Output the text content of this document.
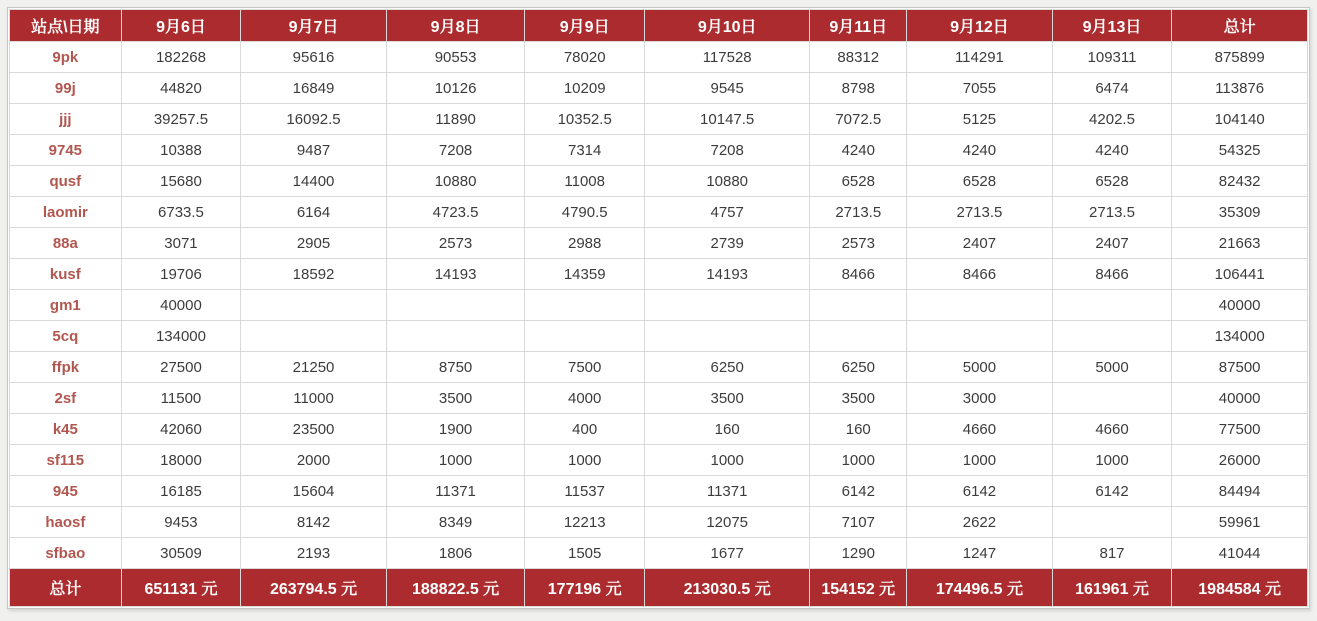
站点\日期	9月6日	9月7日	9月8日	9月9日	9月10日	9月11日	9月12日	9月13日	总计
9pk	182268	95616	90553	78020	117528	88312	114291	109311	875899
99j	44820	16849	10126	10209	9545	8798	7055	6474	113876
jjj	39257.5	16092.5	11890	10352.5	10147.5	7072.5	5125	4202.5	104140
9745	10388	9487	7208	7314	7208	4240	4240	4240	54325
qusf	15680	14400	10880	11008	10880	6528	6528	6528	82432
laomir	6733.5	6164	4723.5	4790.5	4757	2713.5	2713.5	2713.5	35309
88a	3071	2905	2573	2988	2739	2573	2407	2407	21663
kusf	19706	18592	14193	14359	14193	8466	8466	8466	106441
gm1	40000								40000
5cq	134000								134000
ffpk	27500	21250	8750	7500	6250	6250	5000	5000	87500
2sf	11500	11000	3500	4000	3500	3500	3000		40000
k45	42060	23500	1900	400	160	160	4660	4660	77500
sf115	18000	2000	1000	1000	1000	1000	1000	1000	26000
945	16185	15604	11371	11537	11371	6142	6142	6142	84494
haosf	9453	8142	8349	12213	12075	7107	2622		59961
sfbao	30509	2193	1806	1505	1677	1290	1247	817	41044
总计	651131 元	263794.5 元	188822.5 元	177196 元	213030.5 元	154152 元	174496.5 元	161961 元	1984584 元
